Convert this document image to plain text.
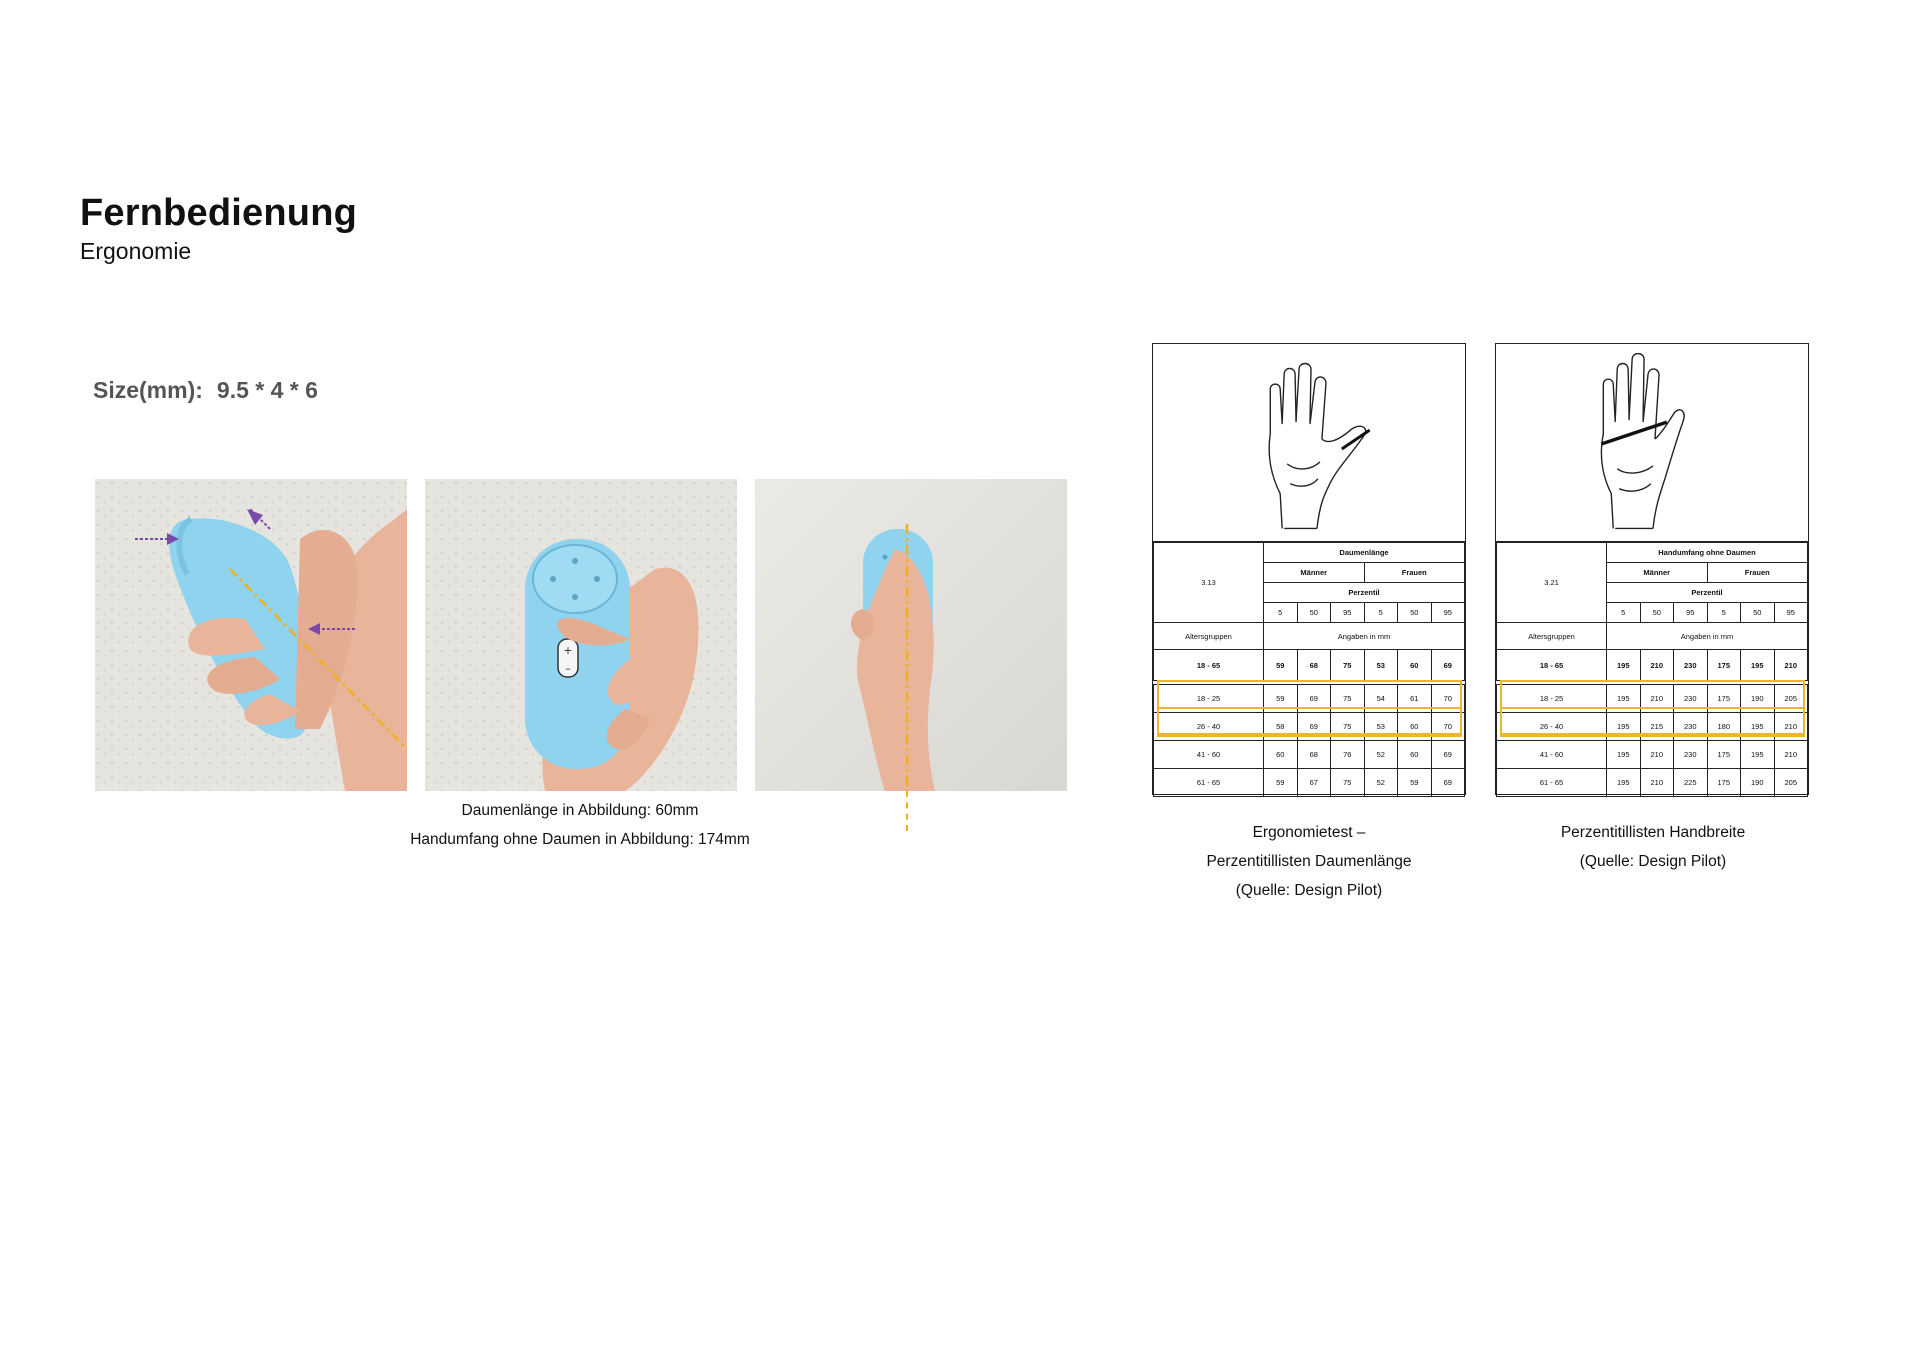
Fernbedienung
Ergonomie
Size(mm): 9.5 * 4 * 6
+
–
Daumenlänge in Abbildung: 60mm
Handumfang ohne Daumen in Abbildung: 174mm
3.13	Daumenlänge					
	Männer			Frauen		
	Perzentil					
	5	50	95	5	50	95
Altersgruppen	Angaben in mm					
18 - 65	59	68	75	53	60	69

18 - 25	59	69	75	54	61	70
26 - 40	58	69	75	53	60	70
41 - 60	60	68	76	52	60	69
61 - 65	59	67	75	52	59	69
3.21	Handumfang ohne Daumen					
	Männer			Frauen		
	Perzentil					
	5	50	95	5	50	95
Altersgruppen	Angaben in mm					
18 - 65	195	210	230	175	195	210

18 - 25	195	210	230	175	190	205
26 - 40	195	215	230	180	195	210
41 - 60	195	210	230	175	195	210
61 - 65	195	210	225	175	190	205
Ergonomietest –
Perzentitillisten Daumenlänge
(Quelle: Design Pilot)
Perzentitillisten Handbreite
(Quelle: Design Pilot)
